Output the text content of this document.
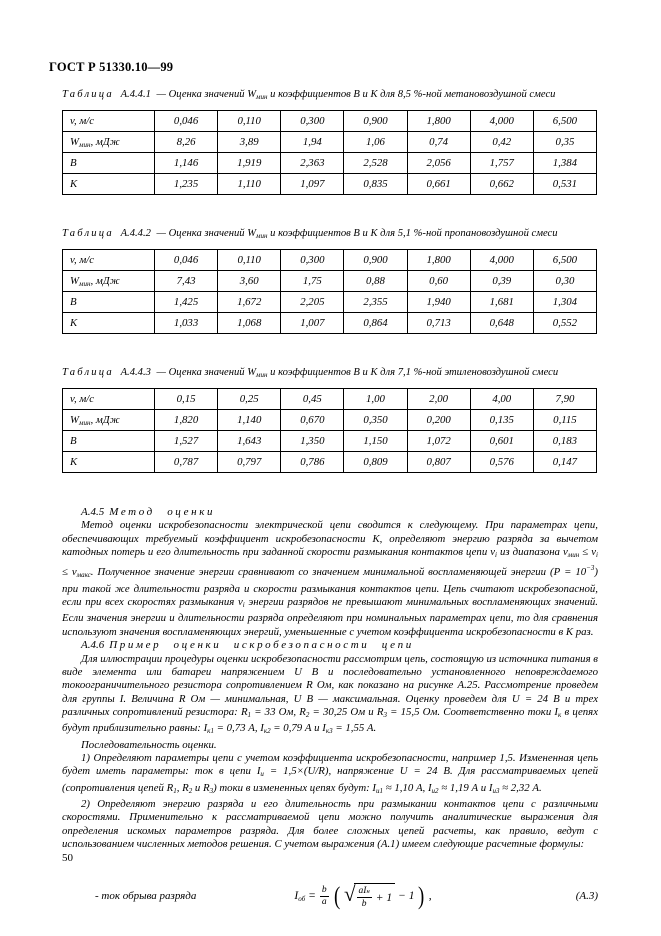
ГОСТ Р 51330.10—99

Таблица А.4.4.1 — Оценка значений $W_{мин}$ и коэффициентов В и К для 8,5 %-ной метановоздушной смеси

v, м/с	0,046	0,110	0,300	0,900	1,800	4,000	6,500
$W_{мин}$, мДж	8,26	3,89	1,94	1,06	0,74	0,42	0,35
В	1,146	1,919	2,363	2,528	2,056	1,757	1,384
К	1,235	1,110	1,097	0,835	0,661	0,662	0,531

Таблица А.4.4.2 — Оценка значений $W_{мин}$ и коэффициентов В и К для 5,1 %-ной пропановоздушной смеси

v, м/с	0,046	0,110	0,300	0,900	1,800	4,000	6,500
$W_{мин}$, мДж	7,43	3,60	1,75	0,88	0,60	0,39	0,30
В	1,425	1,672	2,205	2,355	1,940	1,681	1,304
К	1,033	1,068	1,007	0,864	0,713	0,648	0,552

Таблица А.4.4.3 — Оценка значений $W_{мин}$ и коэффициентов В и К для 7,1 %-ной этиленовоздушной смеси

v, м/с	0,15	0,25	0,45	1,00	2,00	4,00	7,90
$W_{мин}$, мДж	1,820	1,140	0,670	0,350	0,200	0,135	0,115
В	1,527	1,643	1,350	1,150	1,072	0,601	0,183
К	0,787	0,797	0,786	0,809	0,807	0,576	0,147

А.4.5 Метод оценки

Метод оценки искробезопасности электрической цепи сводится к следующему. При параметрах цепи, обеспечивающих требуемый коэффициент искробезопасности К, определяют энергию разряда за вычетом катодных потерь и его длительность при заданной скорости размыкания контактов цепи $v_i$ из диапазона $v_{мин} \le v_i \le v_{макс}$. Полученное значение энергии сравнивают со значением минимальной воспламеняющей энергии $(Р = 10^{-3})$ при такой же длительности разряда и скорости размыкания контактов цепи. Цепь считают искробезопасной, если при всех скоростях размыкания $v_i$ энергии разрядов не превышают минимальных воспламеняющих значений. Если значения энергии и длительности разряда определяют при номинальных параметрах цепи, то для сравнения используют значения воспламеняющих энергий, уменьшенные с учетом коэффициента искробезопасности в К раз.

А.4.6 Пример оценки искробезопасности цепи

Для иллюстрации процедуры оценки искробезопасности рассмотрим цепь, состоящую из источника питания в виде элемента или батареи напряжением U В и последовательно установленного неповреждаемого токоограничительного резистора сопротивлением R Ом, как показано на рисунке А.25. Рассмотрение проведем для группы I. Величина R Ом — минимальная, U В — максимальная. Оценку проведем для U = 24 В и трех различных сопротивлений резистора: $R_1 = 33$ Ом, $R_2 = 30,25$ Ом и $R_3 = 15,5$ Ом. Соответственно токи $I_к$ в цепях будут приблизительно равны: $I_{к1} = 0,73$ А, $I_{к2} = 0,79$ А и $I_{к3} = 1,55$ А.

Последовательность оценки.

1) Определяют параметры цепи с учетом коэффициента искробезопасности, например 1,5. Измененная цепь будет иметь параметры: ток в цепи $I_и = 1,5\times(U/R)$, напряжение U = 24 В. Для рассматриваемых цепей (сопротивления цепей $R_1$, $R_2$ и $R_3$) токи в измененных цепях будут: $I_{и1} \approx 1,10$ А, $I_{и2} \approx 1,19$ А и $I_{и3} \approx 2,32$ А.

2) Определяют энергию разряда и его длительность при размыкании контактов цепи с различными скоростями. Применительно к рассматриваемой цепи можно получить аналитические выражения для определения искомых параметров разряда. Для более сложных цепей расчеты, как правило, ведут с использованием численных методов решения. С учетом выражения (А.1) имеем следующие расчетные формулы:

- ток обрыва разряда	$I_{об} = \frac{b}{a}$ ( √ $\frac{\text{aI н}}{b} + 1 - 1$ ) ,	(А.3)
50
